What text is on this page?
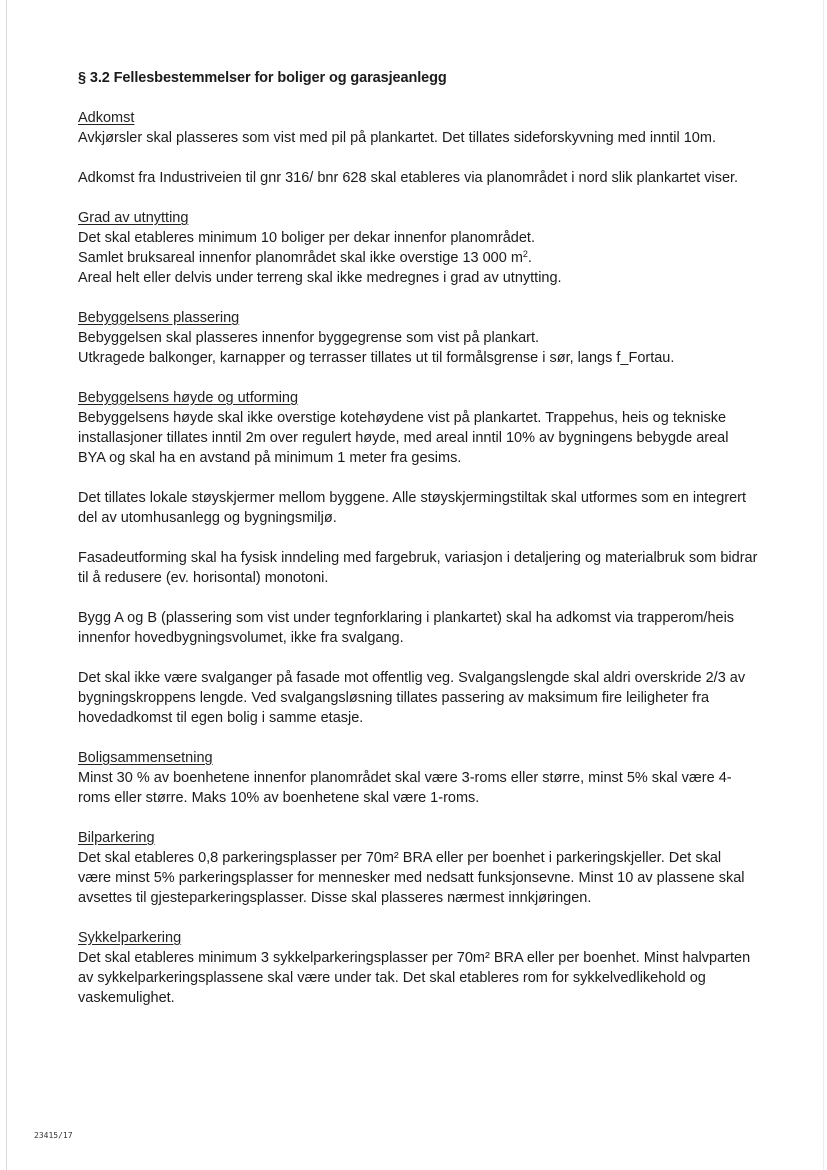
§ 3.2 Fellesbestemmelser for boliger og garasjeanlegg
Adkomst

Avkjørsler skal plasseres som vist med pil på plankartet. Det tillates sideforskyvning med inntil 10m.

Adkomst fra Industriveien til gnr 316/ bnr 628 skal etableres via planområdet i nord slik plankartet viser.

Grad av utnytting

Det skal etableres minimum 10 boliger per dekar innenfor planområdet.

Samlet bruksareal innenfor planområdet skal ikke overstige 13 000 $m^2$.

Areal helt eller delvis under terreng skal ikke medregnes i grad av utnytting.

Bebyggelsens plassering

Bebyggelsen skal plasseres innenfor byggegrense som vist på plankart.

Utkragede balkonger, karnapper og terrasser tillates ut til formålsgrense i sør, langs f_Fortau.

Bebyggelsens høyde og utforming

Bebyggelsens høyde skal ikke overstige kotehøydene vist på plankartet. Trappehus, heis og tekniske installasjoner tillates inntil 2m over regulert høyde, med areal inntil 10% av bygningens bebygde areal BYA og skal ha en avstand på minimum 1 meter fra gesims.

Det tillates lokale støyskjermer mellom byggene. Alle støyskjermingstiltak skal utformes som en integrert del av utomhusanlegg og bygningsmiljø.

Fasadeutforming skal ha fysisk inndeling med fargebruk, variasjon i detaljering og materialbruk som bidrar til å redusere (ev. horisontal) monotoni.

Bygg A og B (plassering som vist under tegnforklaring i plankartet) skal ha adkomst via trapperom/heis innenfor hovedbygningsvolumet, ikke fra svalgang.

Det skal ikke være svalganger på fasade mot offentlig veg. Svalgangslengde skal aldri overskride 2/3 av bygningskroppens lengde. Ved svalgangsløsning tillates passering av maksimum fire leiligheter fra hovedadkomst til egen bolig i samme etasje.

Boligsammensetning

Minst 30 % av boenhetene innenfor planområdet skal være 3-roms eller større, minst 5% skal være 4-roms eller større. Maks 10% av boenhetene skal være 1-roms.

Bilparkering

Det skal etableres 0,8 parkeringsplasser per 70m² BRA eller per boenhet i parkeringskjeller. Det skal være minst 5% parkeringsplasser for mennesker med nedsatt funksjonsevne. Minst 10 av plassene skal avsettes til gjesteparkeringsplasser. Disse skal plasseres nærmest innkjøringen.

Sykkelparkering

Det skal etableres minimum 3 sykkelparkeringsplasser per 70m² BRA eller per boenhet. Minst halvparten av sykkelparkeringsplassene skal være under tak. Det skal etableres rom for sykkelvedlikehold og vaskemulighet.

23415/17
